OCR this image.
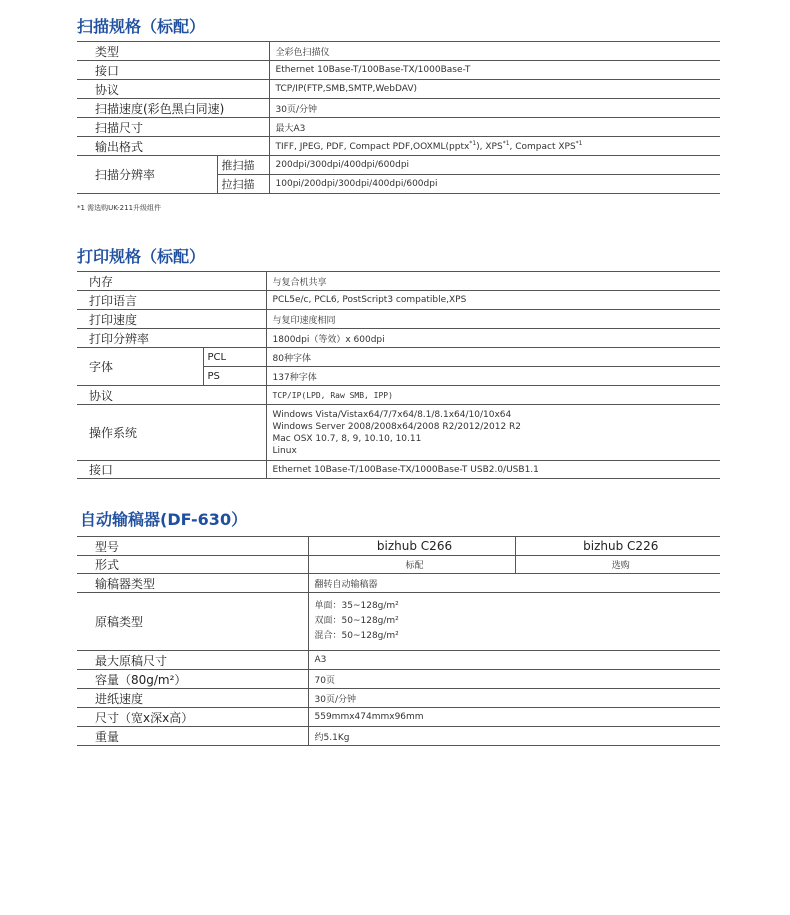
扫描规格（标配）
类型		全彩色扫描仪
接口		Ethernet 10Base-T/100Base-TX/1000Base-T
协议		TCP/IP(FTP,SMB,SMTP,WebDAV)
扫描速度(彩色黑白同速)		30页/分钟
扫描尺寸		最大A3
输出格式		TIFF, JPEG, PDF, Compact PDF,OOXML(pptx$^{*1}$), XPS$^{*1}$, Compact XPS$^{*1}$
扫描分辨率	推扫描	200dpi/300dpi/400dpi/600dpi
	拉扫描	100pi/200dpi/300dpi/400dpi/600dpi
*1 需选购UK-211升级组件
打印规格（标配）
内存		与复合机共享
打印语言		PCL5e/c, PCL6, PostScript3 compatible,XPS
打印速度		与复印速度相同
打印分辨率		1800dpi（等效）x 600dpi
字体	PCL	80种字体
	PS	137种字体
协议		TCP/IP(LPD, Raw SMB, IPP)
操作系统		Windows Vista/Vistax64/7/7x64/8.1/8.1x64/10/10x64
Windows Server 2008/2008x64/2008 R2/2012/2012 R2
Mac OSX 10.7, 8, 9, 10.10, 10.11
Linux

接口		Ethernet 10Base-T/100Base-TX/1000Base-T USB2.0/USB1.1
自动输稿器(DF-630）
型号	bizhub C266	bizhub C226
形式	标配	选购
输稿器类型	翻转自动输稿器	
原稿类型	单面：35~128g/m²
双面：50~128g/m²
混合：50~128g/m²	

最大原稿尺寸	A3	
容量（80g/m²）	70页	
进纸速度	30页/分钟	
尺寸（宽x深x高）	559mmx474mmx96mm	
重量	约5.1Kg	
